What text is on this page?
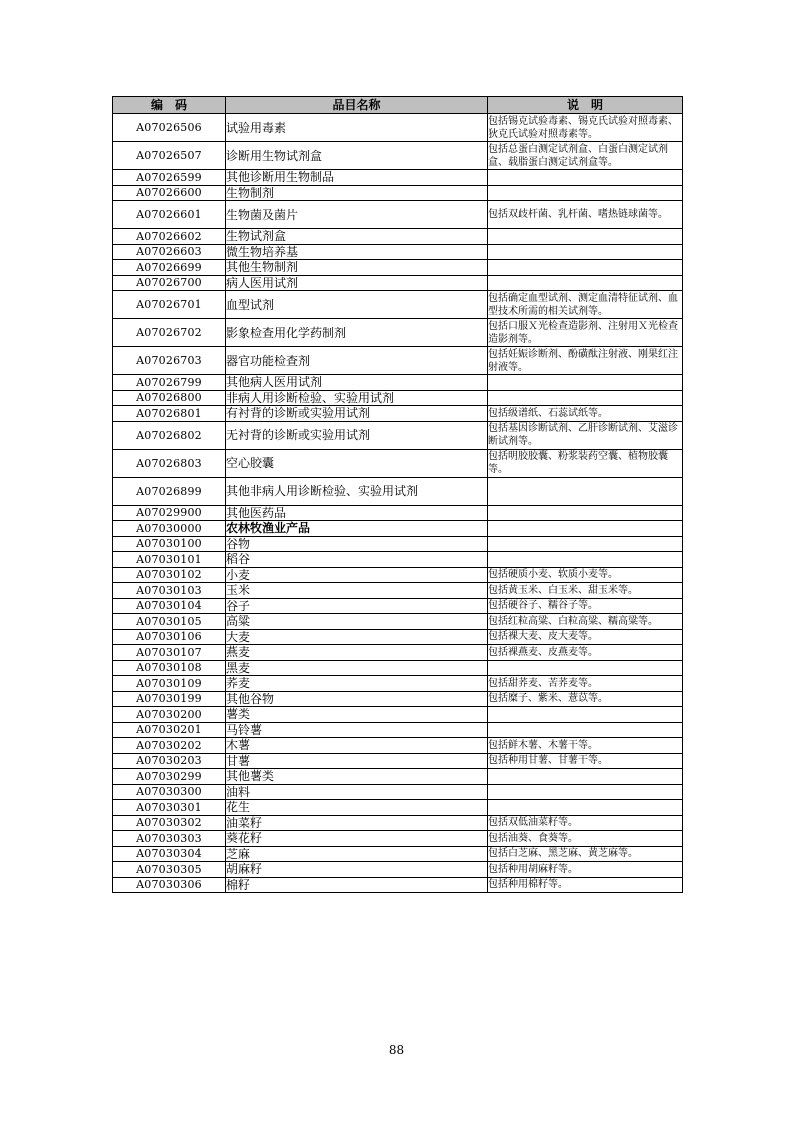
编　码	品目名称	说　明
A07026506	试验用毒素	包括锡克试验毒素、锡克氏试验对照毒素、狄克氏试验对照毒素等。
A07026507	诊断用生物试剂盒	包括总蛋白测定试剂盒、白蛋白测定试剂盒、载脂蛋白测定试剂盒等。
A07026599	其他诊断用生物制品	
A07026600	生物制剂	
A07026601	生物菌及菌片	包括双歧杆菌、乳杆菌、嗜热链球菌等。
A07026602	生物试剂盒	
A07026603	微生物培养基	
A07026699	其他生物制剂	
A07026700	病人医用试剂	
A07026701	血型试剂	包括确定血型试剂、测定血清特征试剂、血型技术所需的相关试剂等。
A07026702	影象检查用化学药制剂	包括口服Ｘ光检查造影剂、注射用Ｘ光检查造影剂等。
A07026703	器官功能检查剂	包括妊娠诊断剂、酚磺酞注射液、刚果红注射液等。
A07026799	其他病人医用试剂	
A07026800	非病人用诊断检验、实验用试剂	
A07026801	有衬背的诊断或实验用试剂	包括级谱纸、石蕊试纸等。
A07026802	无衬背的诊断或实验用试剂	包括基因诊断试剂、乙肝诊断试剂、艾滋诊断试剂等。
A07026803	空心胶囊	包括明胶胶囊、粉浆装药空囊、植物胶囊等。
A07026899	其他非病人用诊断检验、实验用试剂	
A07029900	其他医药品	
A07030000	农林牧渔业产品	
A07030100	谷物	
A07030101	稻谷	
A07030102	小麦	包括硬质小麦、软质小麦等。
A07030103	玉米	包括黄玉米、白玉米、甜玉米等。
A07030104	谷子	包括硬谷子、糯谷子等。
A07030105	高粱	包括红粒高粱、白粒高粱、糯高粱等。
A07030106	大麦	包括裸大麦、皮大麦等。
A07030107	燕麦	包括裸燕麦、皮燕麦等。
A07030108	黑麦	
A07030109	荞麦	包括甜荞麦、苦荞麦等。
A07030199	其他谷物	包括糜子、紫米、薏苡等。
A07030200	薯类	
A07030201	马铃薯	
A07030202	木薯	包括鲜木薯、木薯干等。
A07030203	甘薯	包括种用甘薯、甘薯干等。
A07030299	其他薯类	
A07030300	油料	
A07030301	花生	
A07030302	油菜籽	包括双低油菜籽等。
A07030303	葵花籽	包括油葵、食葵等。
A07030304	芝麻	包括白芝麻、黑芝麻、黄芝麻等。
A07030305	胡麻籽	包括种用胡麻籽等。
A07030306	棉籽	包括种用棉籽等。
88
